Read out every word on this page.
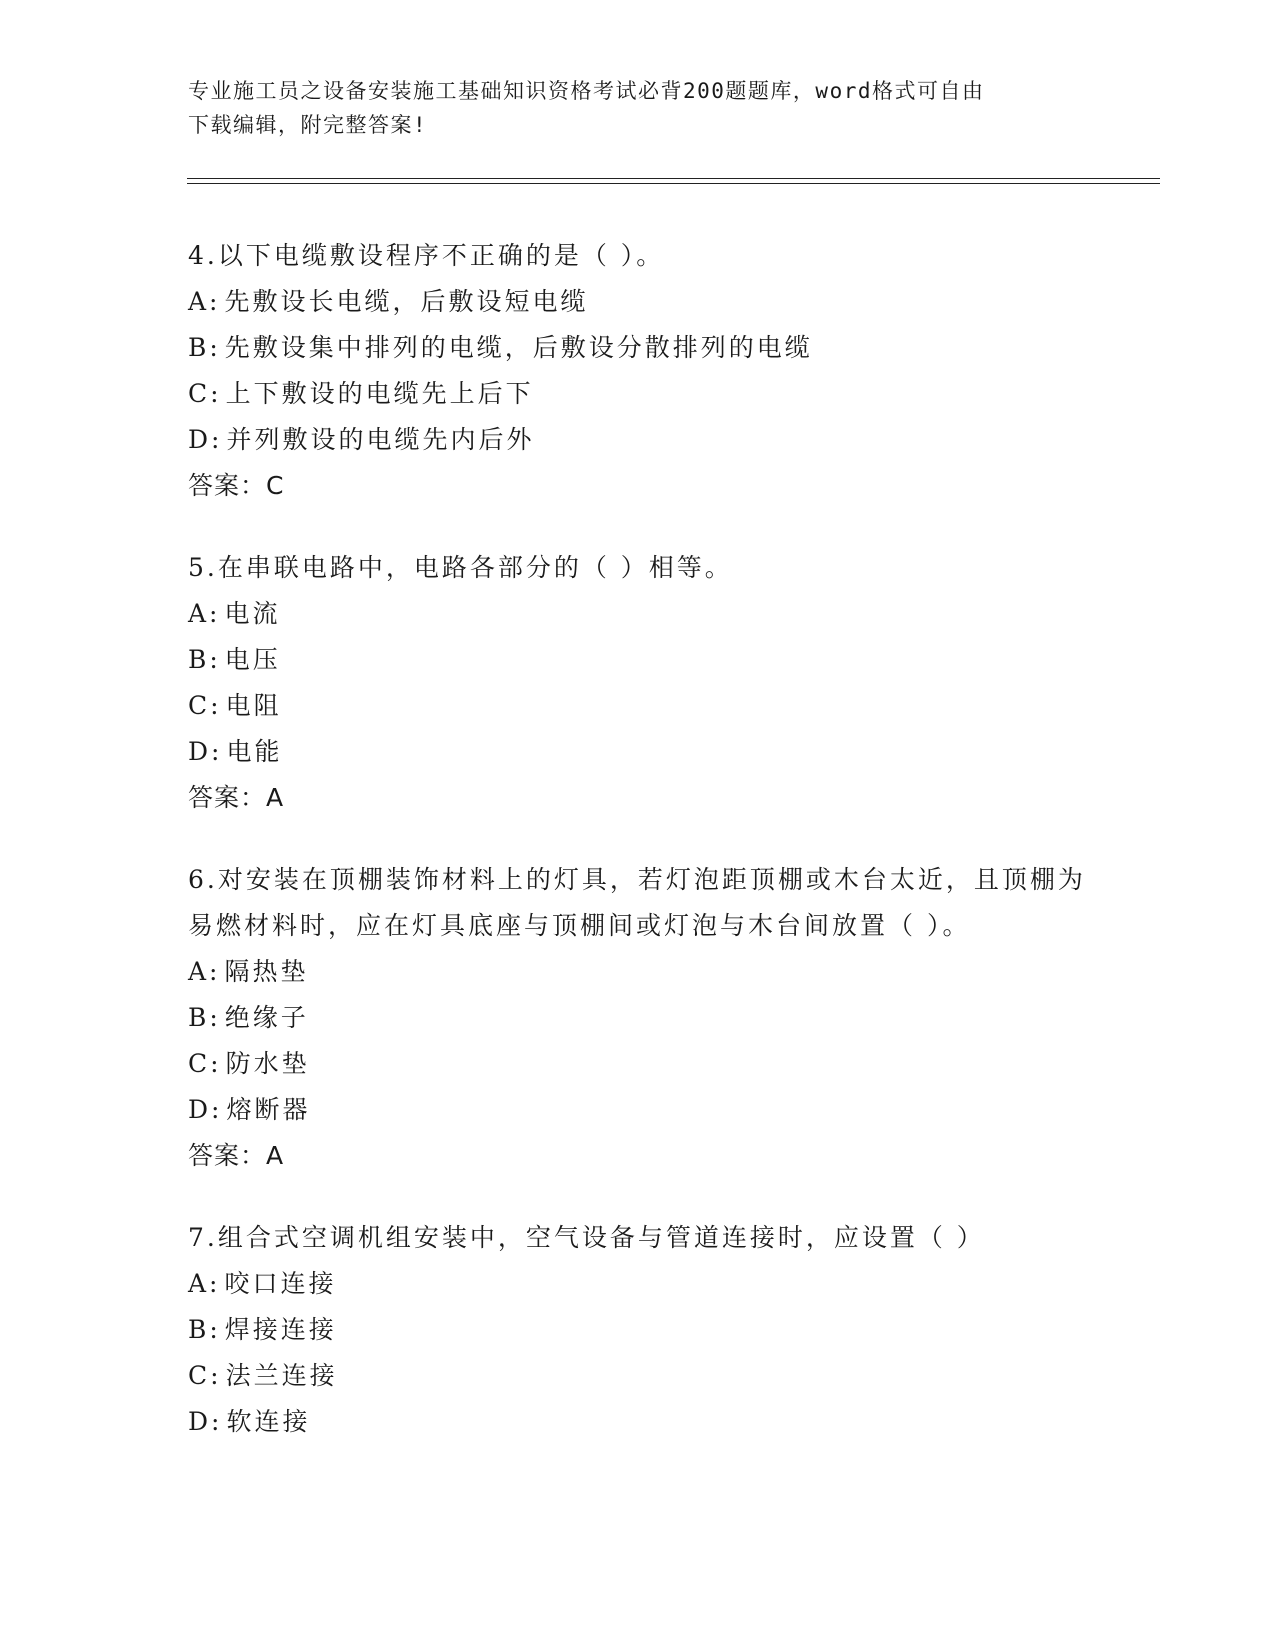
专业施工员之设备安装施工基础知识资格考试必背200题题库，word格式可自由
下载编辑，附完整答案!
4.以下电缆敷设程序不正确的是（ ）。
A: 先敷设长电缆，后敷设短电缆
B: 先敷设集中排列的电缆，后敷设分散排列的电缆
C: 上下敷设的电缆先上后下
D: 并列敷设的电缆先内后外
答案：C
5.在串联电路中，电路各部分的（ ）相等。
A: 电流
B: 电压
C: 电阻
D: 电能
答案：A
6.对安装在顶棚装饰材料上的灯具，若灯泡距顶棚或木台太近，且顶棚为易燃材料时，应在灯具底座与顶棚间或灯泡与木台间放置（ ）。
A: 隔热垫
B: 绝缘子
C: 防水垫
D: 熔断器
答案：A
7.组合式空调机组安装中，空气设备与管道连接时，应设置（ ）
A: 咬口连接
B: 焊接连接
C: 法兰连接
D: 软连接
